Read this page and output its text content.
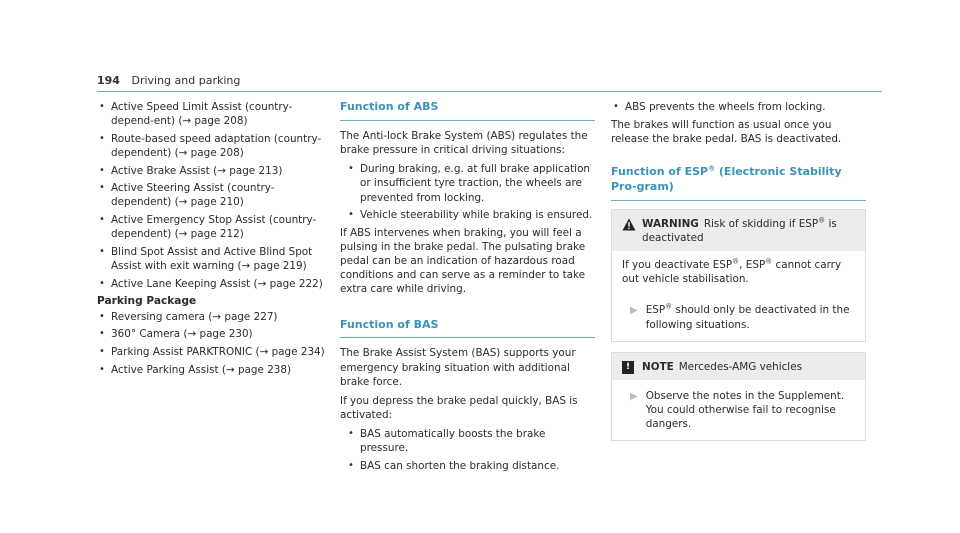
194 Driving and parking
• Active Speed Limit Assist (country-depend-ent) (→ page 208)
• Route-based speed adaptation (country-dependent) (→ page 208)
• Active Brake Assist (→ page 213)
• Active Steering Assist (country-dependent) (→ page 210)
• Active Emergency Stop Assist (country-dependent) (→ page 212)
• Blind Spot Assist and Active Blind Spot Assist with exit warning (→ page 219)
• Active Lane Keeping Assist (→ page 222)
Parking Package
• Reversing camera (→ page 227)
• 360° Camera (→ page 230)
• Parking Assist PARKTRONIC (→ page 234)
• Active Parking Assist (→ page 238)
Function of ABS

The Anti-lock Brake System (ABS) regulates the brake pressure in critical driving situations:

• During braking, e.g. at full brake application or insufficient tyre traction, the wheels are prevented from locking.
• Vehicle steerability while braking is ensured.

If ABS intervenes when braking, you will feel a pulsing in the brake pedal. The pulsating brake pedal can be an indication of hazardous road conditions and can serve as a reminder to take extra care while driving.

Function of BAS

The Brake Assist System (BAS) supports your emergency braking situation with additional brake force.

If you depress the brake pedal quickly, BAS is activated:

• BAS automatically boosts the brake pressure.
• BAS can shorten the braking distance.
• ABS prevents the wheels from locking.

The brakes will function as usual once you release the brake pedal. BAS is deactivated.

Function of ESP® (Electronic Stability Pro-gram)
WARNING Risk of skidding if ESP® is deactivated
If you deactivate ESP®, ESP® cannot carry out vehicle stabilisation.
▶ ESP® should only be deactivated in the following situations.
!	NOTE Mercedes-AMG vehicles
▶ Observe the notes in the Supplement. You could otherwise fail to recognise dangers.
